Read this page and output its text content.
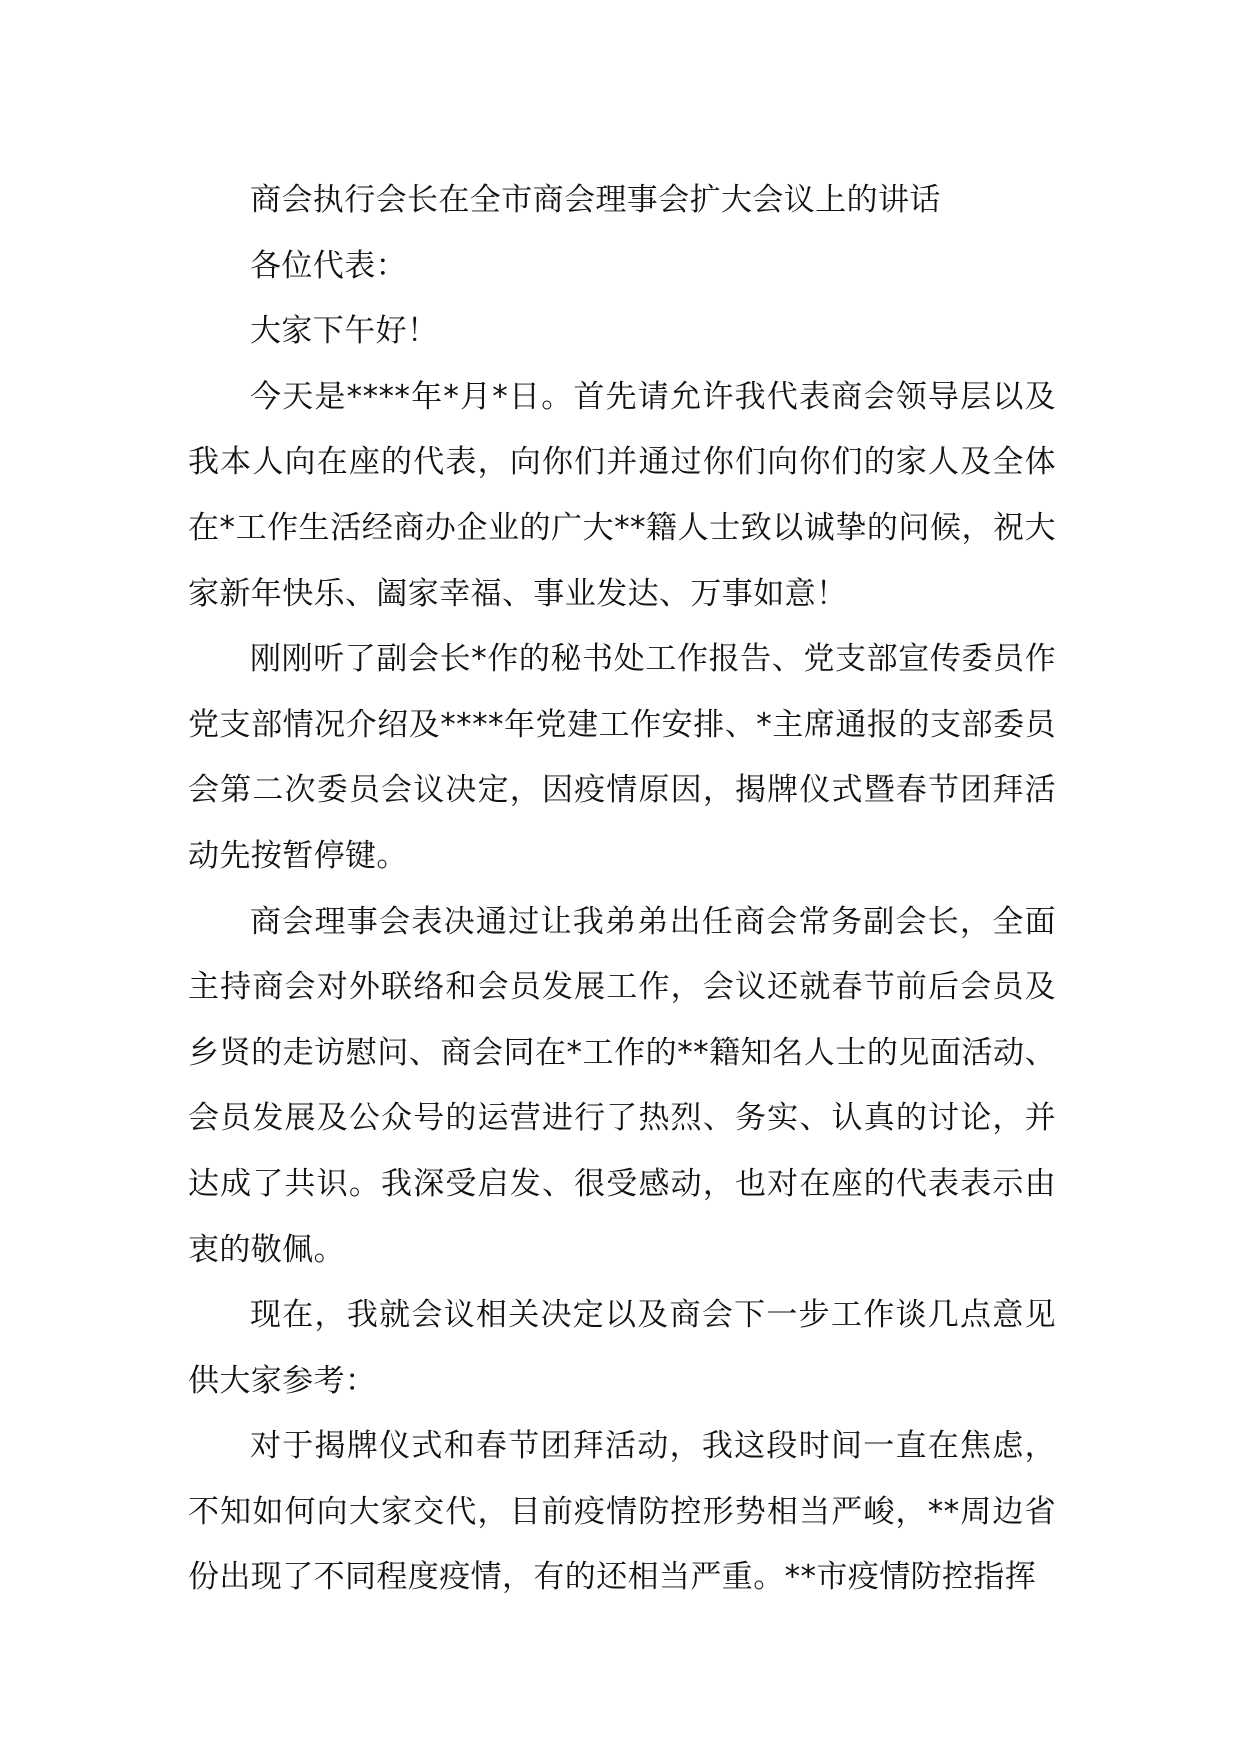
商会执行会长在全市商会理事会扩大会议上的讲话

各位代表：

大家下午好！

今天是****年*月*日。首先请允许我代表商会领导层以及我本人向在座的代表，向你们并通过你们向你们的家人及全体在*工作生活经商办企业的广大**籍人士致以诚挚的问候，祝大家新年快乐、阖家幸福、事业发达、万事如意！

刚刚听了副会长*作的秘书处工作报告、党支部宣传委员作党支部情况介绍及****年党建工作安排、*主席通报的支部委员会第二次委员会议决定，因疫情原因，揭牌仪式暨春节团拜活动先按暂停键。

商会理事会表决通过让我弟弟出任商会常务副会长，全面主持商会对外联络和会员发展工作，会议还就春节前后会员及乡贤的走访慰问、商会同在*工作的**籍知名人士的见面活动、会员发展及公众号的运营进行了热烈、务实、认真的讨论，并达成了共识。我深受启发、很受感动，也对在座的代表表示由衷的敬佩。

现在，我就会议相关决定以及商会下一步工作谈几点意见供大家参考：

对于揭牌仪式和春节团拜活动，我这段时间一直在焦虑，不知如何向大家交代，目前疫情防控形势相当严峻，**周边省份出现了不同程度疫情，有的还相当严重。**市疫情防控指挥
